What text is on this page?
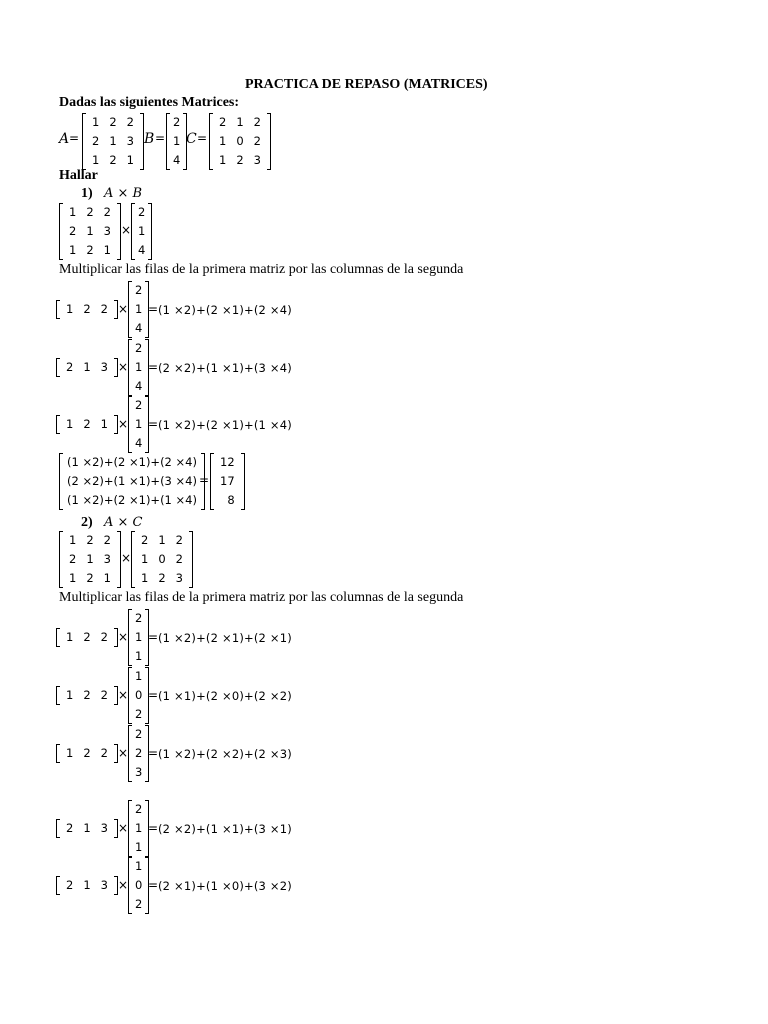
PRACTICA DE REPASO (MATRICES)
Dadas las siguientes Matrices:
A =
1	2	2
2	1	3
1	2	1
B =
2
1
4
C =
2	1	2
1	0	2
1	2	3
Hallar
1) A × B
1	2	2
2	1	3
1	2	1
×
2
1
4
Multiplicar las filas de la primera matriz por las columnas de la segunda
1	2	2 ×
2
1
4
= (1 ×2)+(2 ×1)+(2 ×4)
2	1	3 ×
2
1
4
= (2 ×2)+(1 ×1)+(3 ×4)
1	2	1 ×
2
1
4
= (1 ×2)+(2 ×1)+(1 ×4)
(1 ×2)+(2 ×1)+(2 ×4)
(2 ×2)+(1 ×1)+(3 ×4)
(1 ×2)+(2 ×1)+(1 ×4)
=
12
17
8
2) A × C
1	2	2
2	1	3
1	2	1
×
2	1	2
1	0	2
1	2	3
Multiplicar las filas de la primera matriz por las columnas de la segunda
1	2	2 ×
2
1
1
= (1 ×2)+(2 ×1)+(2 ×1)
1	2	2 ×
1
0
2
= (1 ×1)+(2 ×0)+(2 ×2)
1	2	2 ×
2
2
3
= (1 ×2)+(2 ×2)+(2 ×3)
2	1	3 ×
2
1
1
= (2 ×2)+(1 ×1)+(3 ×1)
2	1	3 ×
1
0
2
= (2 ×1)+(1 ×0)+(3 ×2)
